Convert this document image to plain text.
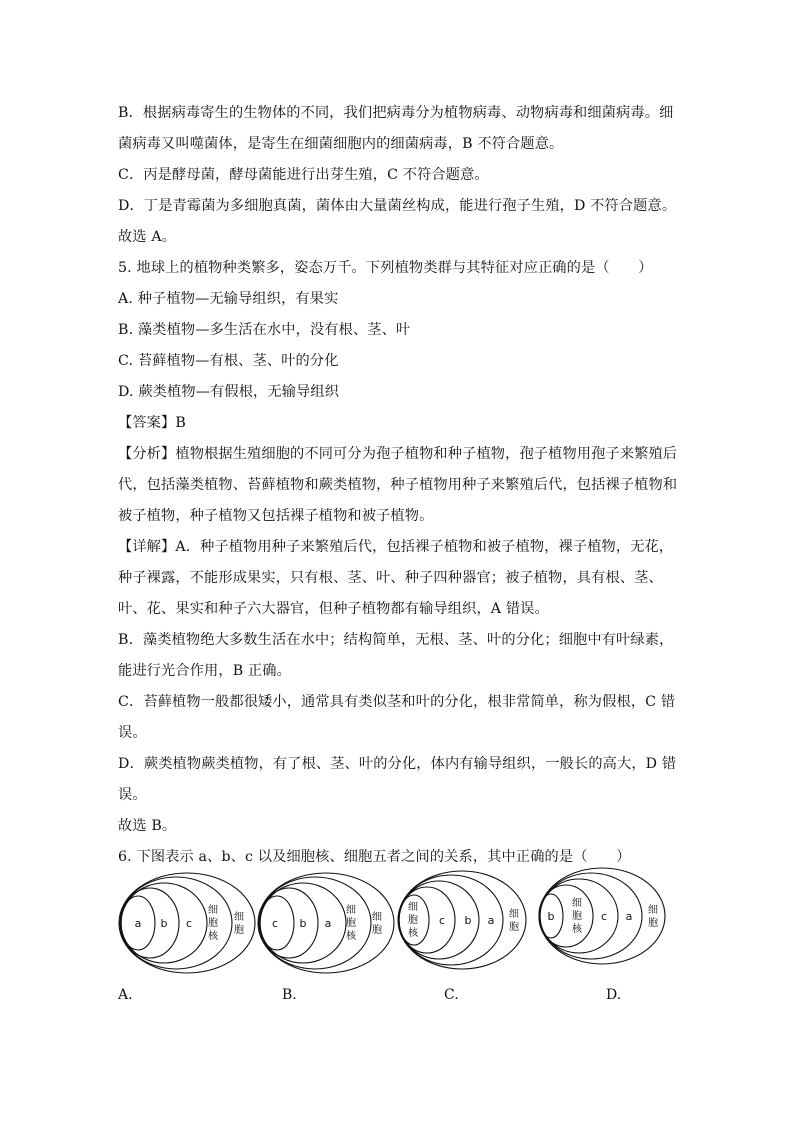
B．根据病毒寄生的生物体的不同，我们把病毒分为植物病毒、动物病毒和细菌病毒。细
菌病毒又叫噬菌体，是寄生在细菌细胞内的细菌病毒，B 不符合题意。
C．丙是酵母菌，酵母菌能进行出芽生殖，C 不符合题意。
D．丁是青霉菌为多细胞真菌，菌体由大量菌丝构成，能进行孢子生殖，D 不符合题意。
故选 A。
5. 地球上的植物种类繁多，姿态万千。下列植物类群与其特征对应正确的是（　　）
A. 种子植物—无输导组织，有果实
B. 藻类植物—多生活在水中，没有根、茎、叶
C. 苔藓植物—有根、茎、叶的分化
D. 蕨类植物—有假根，无输导组织
【答案】B
【分析】植物根据生殖细胞的不同可分为孢子植物和种子植物，孢子植物用孢子来繁殖后
代，包括藻类植物、苔藓植物和蕨类植物，种子植物用种子来繁殖后代，包括裸子植物和
被子植物，种子植物又包括裸子植物和被子植物。
【详解】A．种子植物用种子来繁殖后代，包括裸子植物和被子植物，裸子植物，无花，
种子裸露，不能形成果实，只有根、茎、叶、种子四种器官；被子植物，具有根、茎、
叶、花、果实和种子六大器官，但种子植物都有输导组织，A 错误。
B．藻类植物绝大多数生活在水中；结构简单，无根、茎、叶的分化；细胞中有叶绿素，
能进行光合作用，B 正确。
C．苔藓植物一般都很矮小，通常具有类似茎和叶的分化，根非常简单，称为假根，C 错
误。
D．蕨类植物蕨类植物，有了根、茎、叶的分化，体内有输导组织，一般长的高大，D 错
误。
故选 B。
6. 下图表示 a、b、c 以及细胞核、细胞五者之间的关系，其中正确的是（　　）
a b c
细
胞
核
细
胞
c b a
细
胞
核
细
胞
细
胞
核
c b a 细
胞
b
细
胞
核
c a 细
胞
A.	B.	C.	D.
